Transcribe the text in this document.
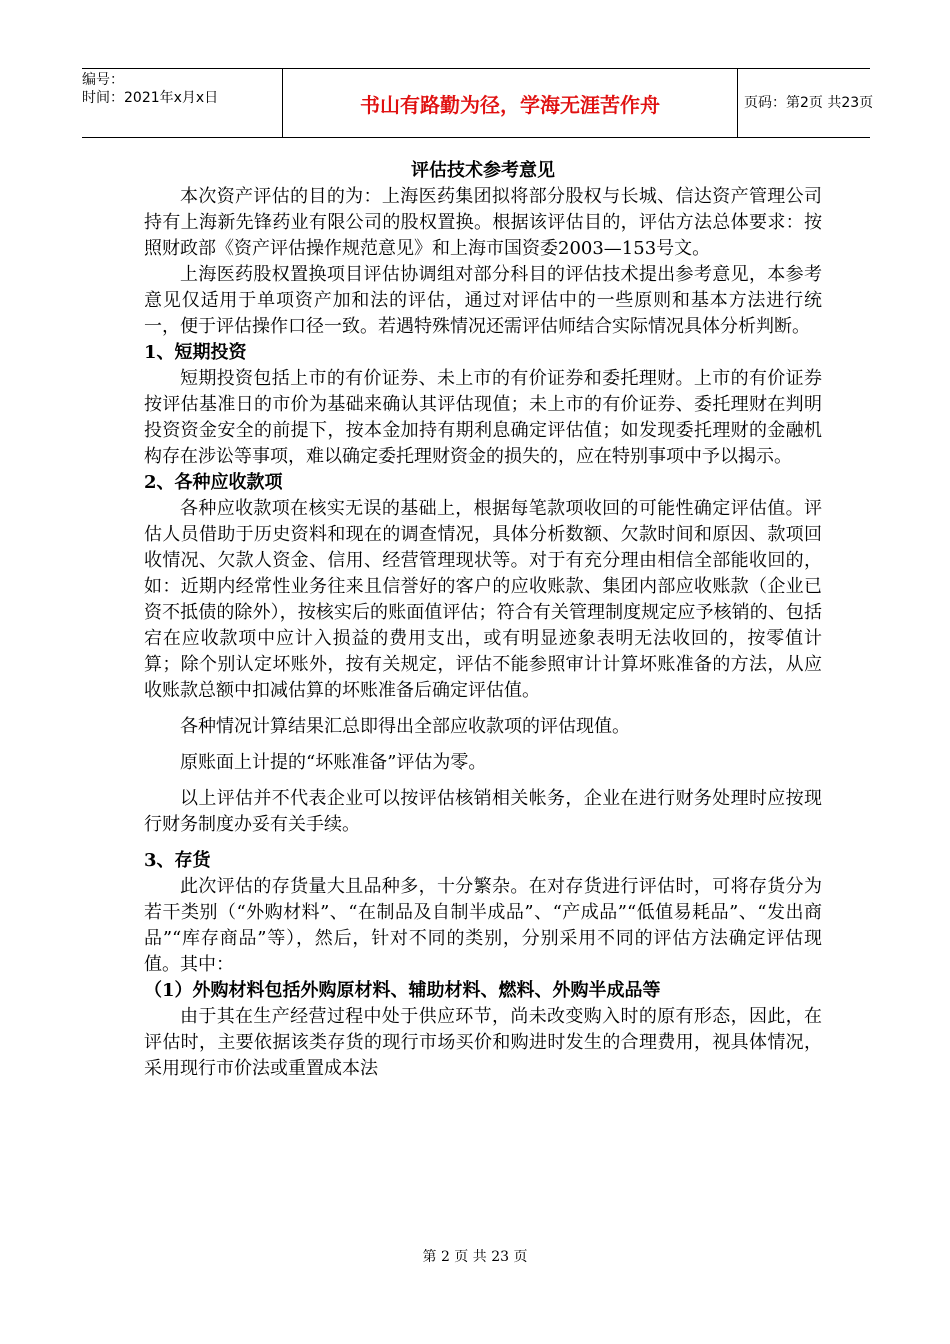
编号：
时间：2021年x月x日	书山有路勤为径，学海无涯苦作舟	页码：第2页 共23页

评估技术参考意见

本次资产评估的目的为：上海医药集团拟将部分股权与长城、信达资产管理公司持有上海新先锋药业有限公司的股权置换。根据该评估目的，评估方法总体要求：按照财政部《资产评估操作规范意见》和上海市国资委2003—153号文。

上海医药股权置换项目评估协调组对部分科目的评估技术提出参考意见，本参考意见仅适用于单项资产加和法的评估，通过对评估中的一些原则和基本方法进行统一，便于评估操作口径一致。若遇特殊情况还需评估师结合实际情况具体分析判断。

1、短期投资

短期投资包括上市的有价证券、未上市的有价证券和委托理财。上市的有价证券按评估基准日的市价为基础来确认其评估现值；未上市的有价证券、委托理财在判明投资资金安全的前提下，按本金加持有期利息确定评估值；如发现委托理财的金融机构存在涉讼等事项，难以确定委托理财资金的损失的，应在特别事项中予以揭示。

2、各种应收款项

各种应收款项在核实无误的基础上，根据每笔款项收回的可能性确定评估值。评估人员借助于历史资料和现在的调查情况，具体分析数额、欠款时间和原因、款项回收情况、欠款人资金、信用、经营管理现状等。对于有充分理由相信全部能收回的，如：近期内经常性业务往来且信誉好的客户的应收账款、集团内部应收账款（企业已资不抵债的除外），按核实后的账面值评估；符合有关管理制度规定应予核销的、包括宕在应收款项中应计入损益的费用支出，或有明显迹象表明无法收回的，按零值计算；除个别认定坏账外，按有关规定，评估不能参照审计计算坏账准备的方法，从应收账款总额中扣减估算的坏账准备后确定评估值。

各种情况计算结果汇总即得出全部应收款项的评估现值。

原账面上计提的“坏账准备”评估为零。

以上评估并不代表企业可以按评估核销相关帐务，企业在进行财务处理时应按现行财务制度办妥有关手续。

3、存货

此次评估的存货量大且品种多，十分繁杂。在对存货进行评估时，可将存货分为若干类别（“外购材料”、“在制品及自制半成品”、“产成品”“低值易耗品”、“发出商品”“库存商品”等），然后，针对不同的类别，分别采用不同的评估方法确定评估现值。其中：

（1）外购材料包括外购原材料、辅助材料、燃料、外购半成品等

由于其在生产经营过程中处于供应环节，尚未改变购入时的原有形态，因此，在评估时，主要依据该类存货的现行市场买价和购进时发生的合理费用，视具体情况，采用现行市价法或重置成本法

第 2 页 共 23 页
